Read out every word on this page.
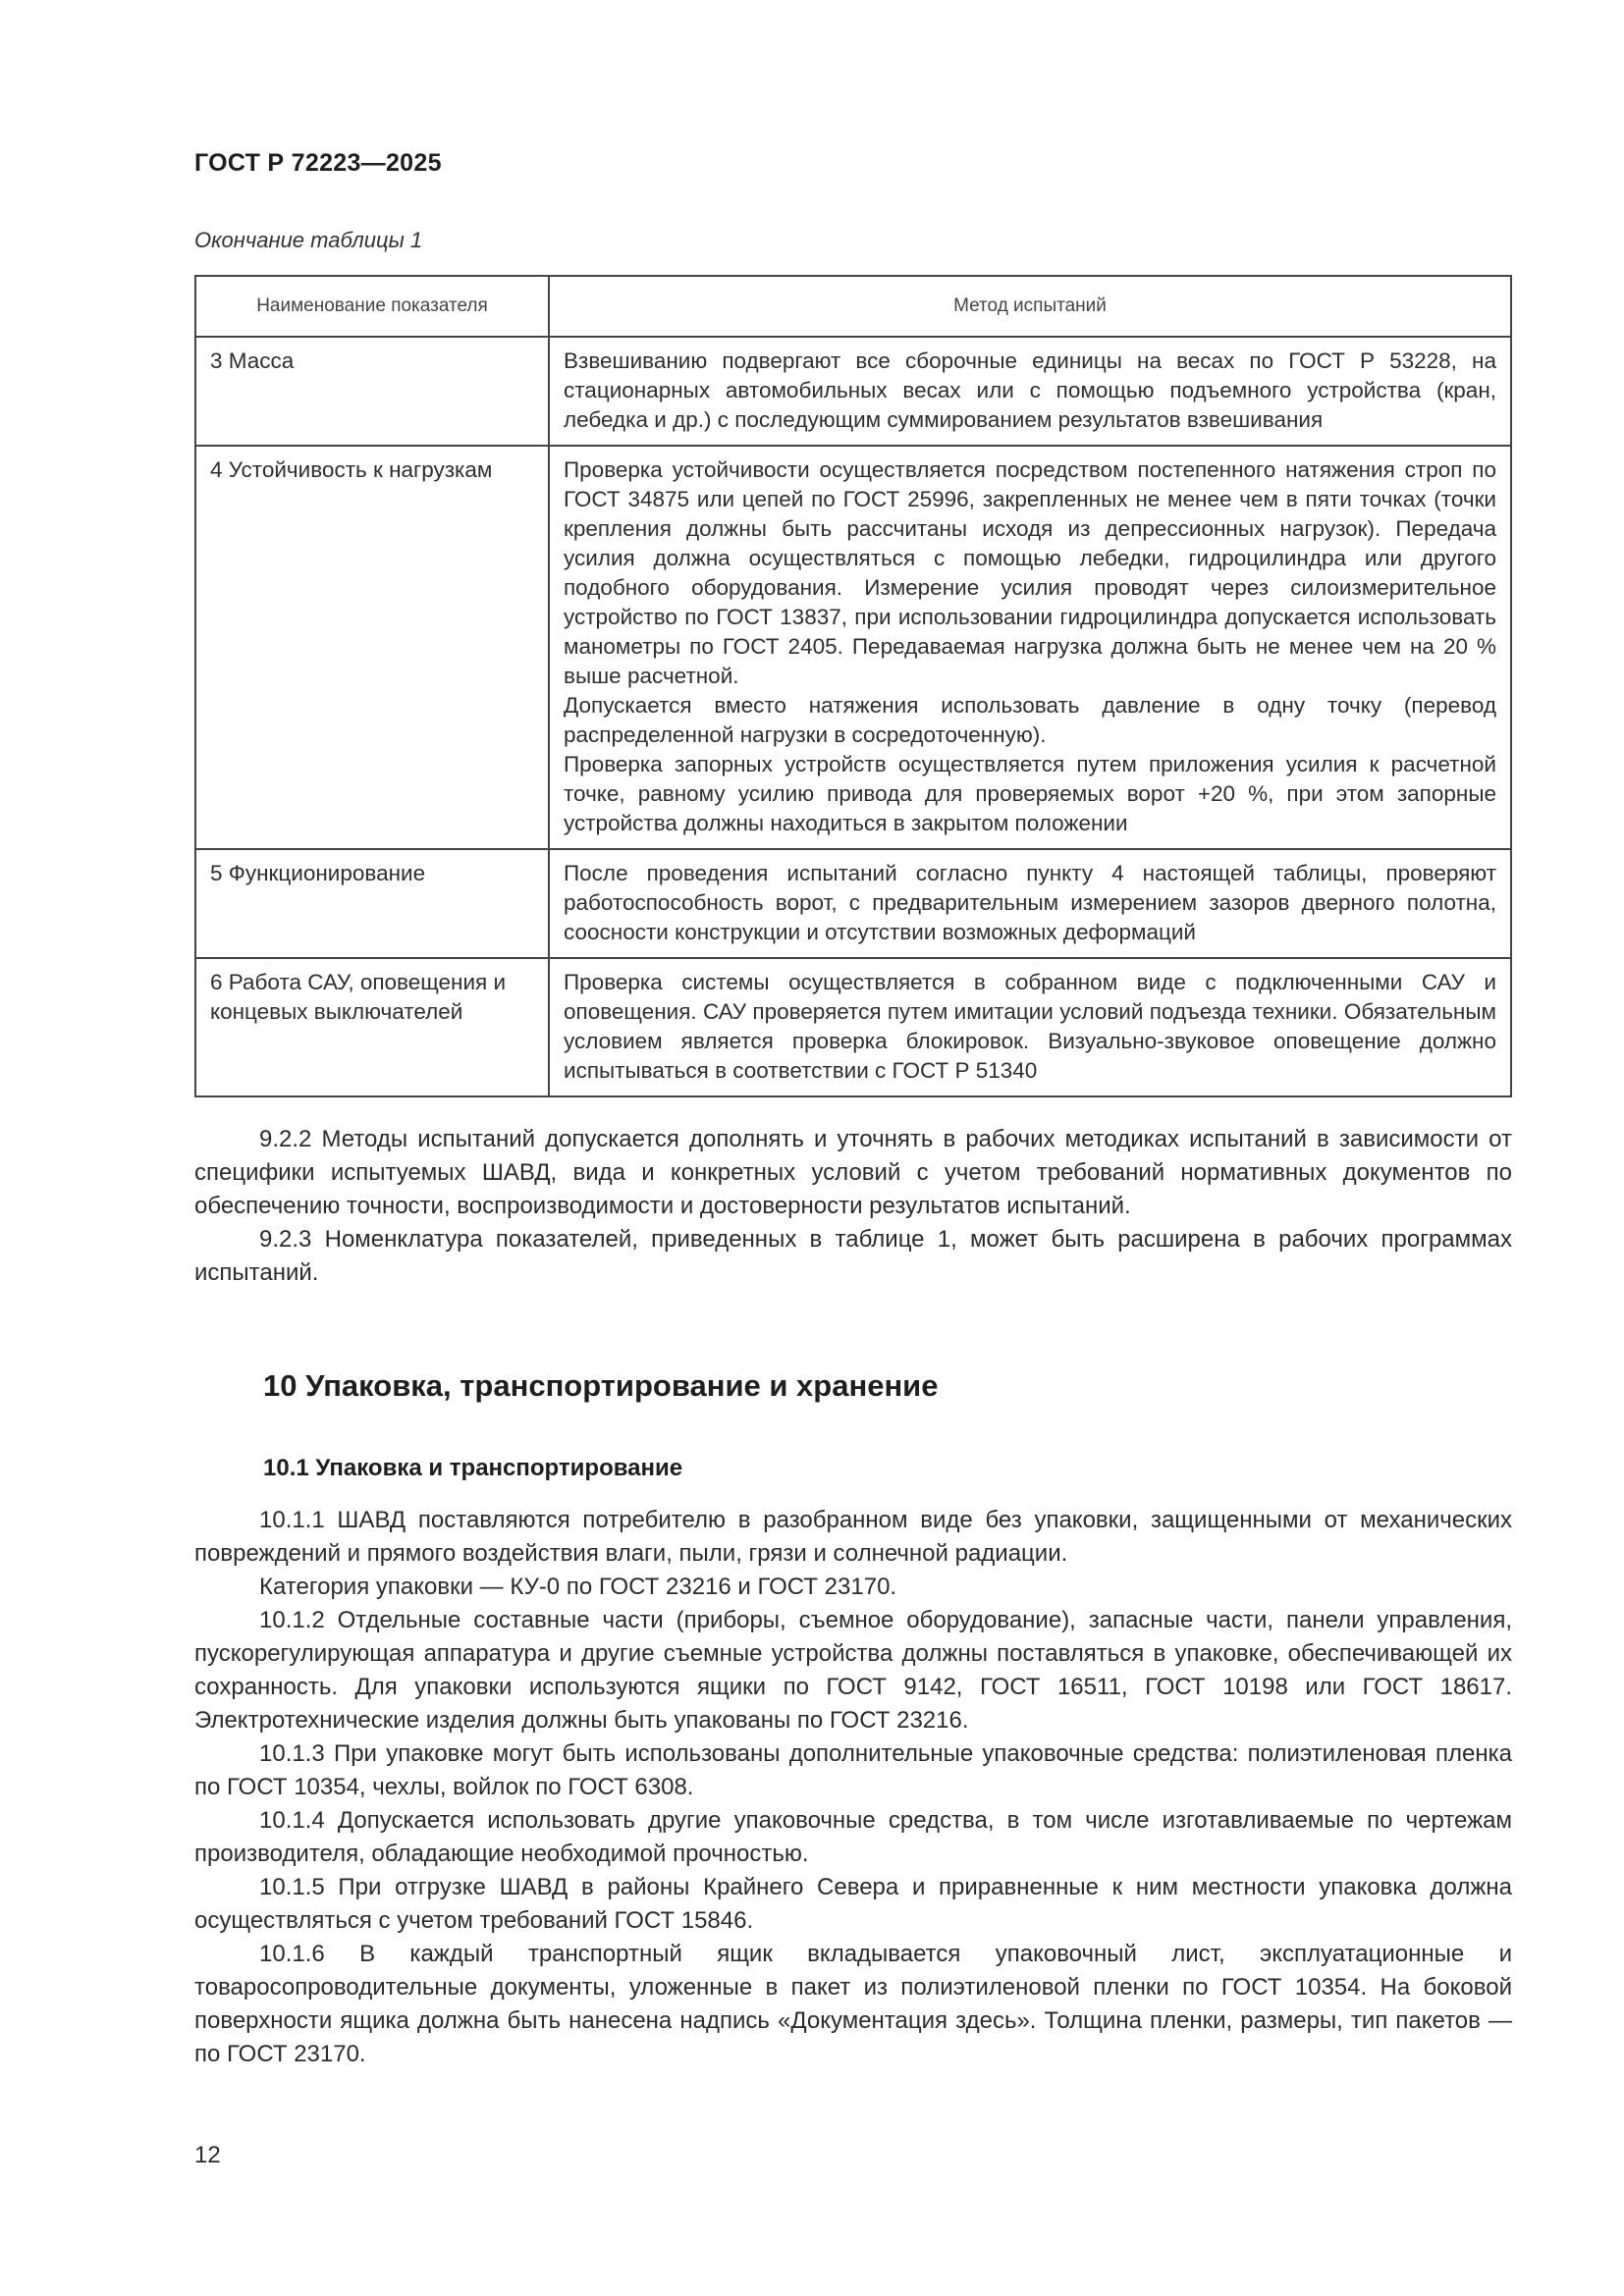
ГОСТ Р 72223—2025
Окончание таблицы 1
Наименование показателя	Метод испытаний
3 Масса	Взвешиванию подвергают все сборочные единицы на весах по ГОСТ Р 53228, на стационарных автомобильных весах или с помощью подъемного устройства (кран, лебедка и др.) с последующим суммированием результатов взвешивания

4 Устойчивость к нагрузкам	Проверка устойчивости осуществляется посредством постепенного натяжения строп по ГОСТ 34875 или цепей по ГОСТ 25996, закрепленных не менее чем в пяти точках (точки крепления должны быть рассчитаны исходя из депрессионных нагрузок). Передача усилия должна осуществляться с помощью лебедки, гидроцилиндра или другого подобного оборудования. Измерение усилия проводят через силоизмерительное устройство по ГОСТ 13837, при использовании гидроцилиндра допускается использовать манометры по ГОСТ 2405. Передаваемая нагрузка должна быть не менее чем на 20 % выше расчетной.

Допускается вместо натяжения использовать давление в одну точку (перевод распределенной нагрузки в сосредоточенную).

Проверка запорных устройств осуществляется путем приложения усилия к расчетной точке, равному усилию привода для проверяемых ворот +20 %, при этом запорные устройства должны находиться в закрытом положении

5 Функционирование	После проведения испытаний согласно пункту 4 настоящей таблицы, проверяют работоспособность ворот, с предварительным измерением зазоров дверного полотна, соосности конструкции и отсутствии возможных деформаций

6 Работа САУ, оповещения и концевых выключателей	Проверка системы осуществляется в собранном виде с подключенными САУ и оповещения. САУ проверяется путем имитации условий подъезда техники. Обязательным условием является проверка блокировок. Визуально-звуковое оповещение должно испытываться в соответствии с ГОСТ Р 51340

9.2.2 Методы испытаний допускается дополнять и уточнять в рабочих методиках испытаний в зависимости от специфики испытуемых ШАВД, вида и конкретных условий с учетом требований нормативных документов по обеспечению точности, воспроизводимости и достоверности результатов испытаний.

9.2.3 Номенклатура показателей, приведенных в таблице 1, может быть расширена в рабочих программах испытаний.

10 Упаковка, транспортирование и хранение
10.1 Упаковка и транспортирование

10.1.1 ШАВД поставляются потребителю в разобранном виде без упаковки, защищенными от механических повреждений и прямого воздействия влаги, пыли, грязи и солнечной радиации.

Категория упаковки — КУ-0 по ГОСТ 23216 и ГОСТ 23170.

10.1.2 Отдельные составные части (приборы, съемное оборудование), запасные части, панели управления, пускорегулирующая аппаратура и другие съемные устройства должны поставляться в упаковке, обеспечивающей их сохранность. Для упаковки используются ящики по ГОСТ 9142, ГОСТ 16511, ГОСТ 10198 или ГОСТ 18617. Электротехнические изделия должны быть упакованы по ГОСТ 23216.

10.1.3 При упаковке могут быть использованы дополнительные упаковочные средства: полиэтиленовая пленка по ГОСТ 10354, чехлы, войлок по ГОСТ 6308.

10.1.4 Допускается использовать другие упаковочные средства, в том числе изготавливаемые по чертежам производителя, обладающие необходимой прочностью.

10.1.5 При отгрузке ШАВД в районы Крайнего Севера и приравненные к ним местности упаковка должна осуществляться с учетом требований ГОСТ 15846.

10.1.6 В каждый транспортный ящик вкладывается упаковочный лист, эксплуатационные и товаросопроводительные документы, уложенные в пакет из полиэтиленовой пленки по ГОСТ 10354. На боковой поверхности ящика должна быть нанесена надпись «Документация здесь». Толщина пленки, размеры, тип пакетов — по ГОСТ 23170.

12
